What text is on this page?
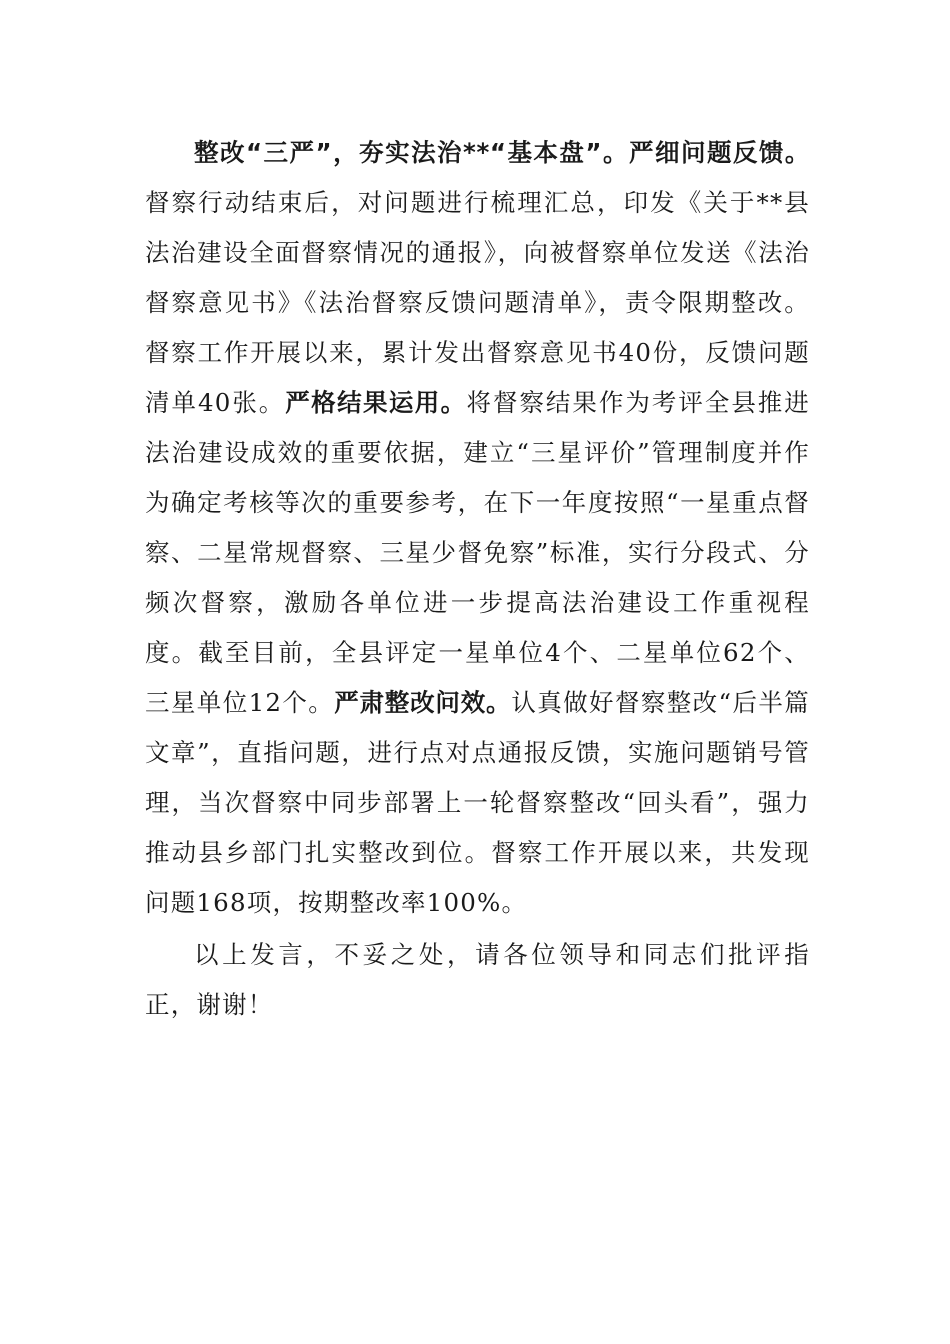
整改“三严”，夯实法治**“基本盘”。严细问题反馈。督察行动结束后，对问题进行梳理汇总，印发《关于**县法治建设全面督察情况的通报》，向被督察单位发送《法治督察意见书》《法治督察反馈问题清单》，责令限期整改。督察工作开展以来，累计发出督察意见书40份，反馈问题清单40张。严格结果运用。将督察结果作为考评全县推进法治建设成效的重要依据，建立“三星评价”管理制度并作为确定考核等次的重要参考，在下一年度按照“一星重点督察、二星常规督察、三星少督免察”标准，实行分段式、分频次督察，激励各单位进一步提高法治建设工作重视程度。截至目前，全县评定一星单位4个、二星单位62个、三星单位12个。严肃整改问效。认真做好督察整改“后半篇文章”，直指问题，进行点对点通报反馈，实施问题销号管理，当次督察中同步部署上一轮督察整改“回头看”，强力推动县乡部门扎实整改到位。督察工作开展以来，共发现问题168项，按期整改率100%。

以上发言，不妥之处，请各位领导和同志们批评指正，谢谢！
